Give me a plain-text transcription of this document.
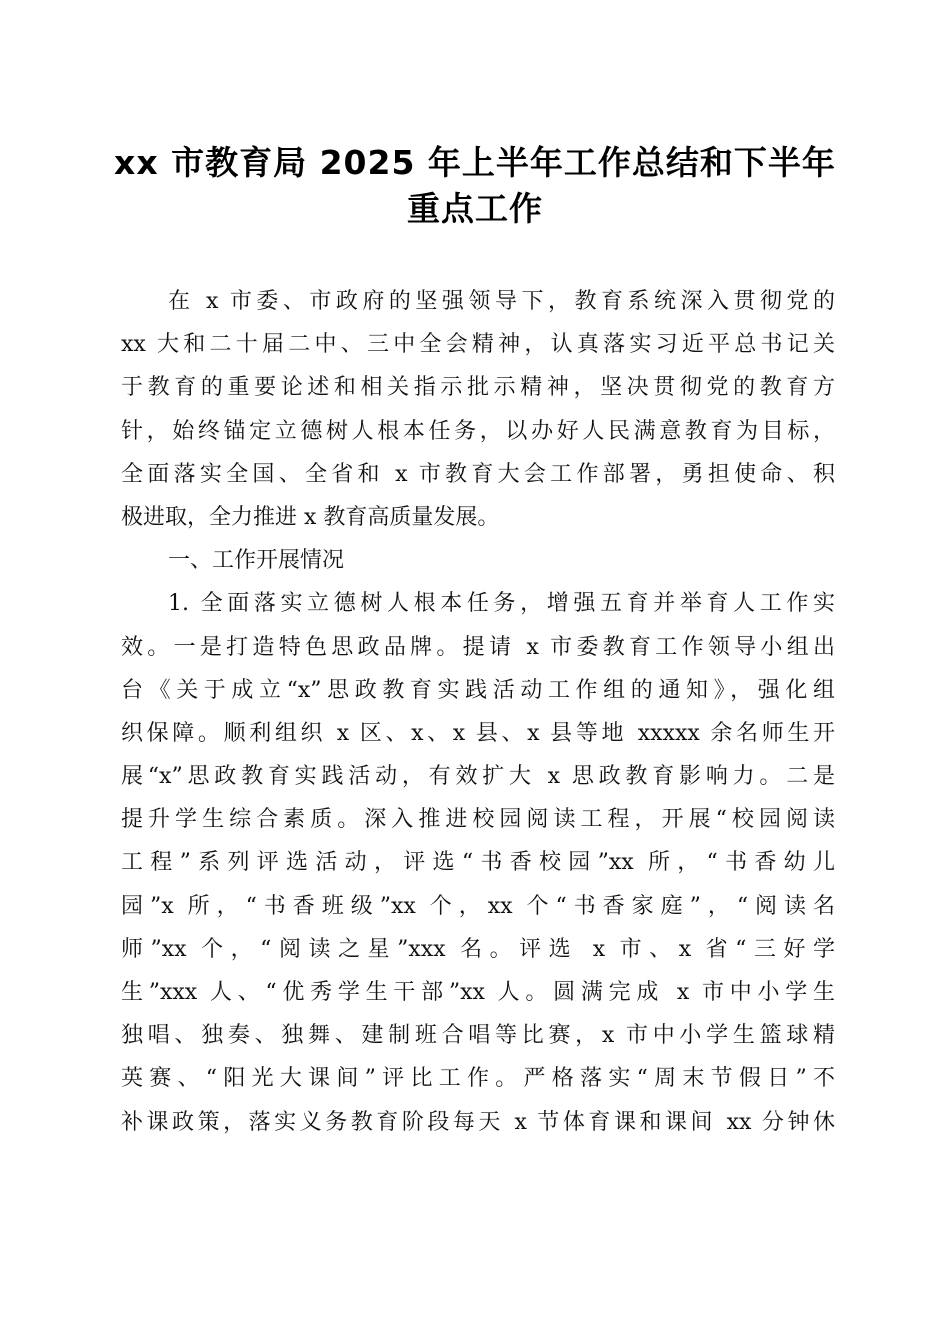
xx 市教育局 2025 年上半年工作总结和下半年
重点工作
在 x 市委、市政府的坚强领导下，教育系统深入贯彻党的
xx 大和二十届二中、三中全会精神，认真落实习近平总书记关
于教育的重要论述和相关指示批示精神，坚决贯彻党的教育方
针，始终锚定立德树人根本任务，以办好人民满意教育为目标，
全面落实全国、全省和 x 市教育大会工作部署，勇担使命、积
极进取，全力推进 x 教育高质量发展。
一、工作开展情况
1. 全面落实立德树人根本任务，增强五育并举育人工作实
效。一是打造特色思政品牌。提请 x 市委教育工作领导小组出
台《关于成立“x”思政教育实践活动工作组的通知》，强化组
织保障。顺利组织 x 区、x、x 县、x 县等地 xxxxx 余名师生开
展“x”思政教育实践活动，有效扩大 x 思政教育影响力。二是
提升学生综合素质。深入推进校园阅读工程，开展“校园阅读
工程”系列评选活动，评选“书香校园”xx 所，“书香幼儿
园”x 所，“书香班级”xx 个，xx 个“书香家庭”，“阅读名
师”xx 个，“阅读之星”xxx 名。评选 x 市、x 省“三好学
生”xxx 人、“优秀学生干部”xx 人。圆满完成 x 市中小学生
独唱、独奏、独舞、建制班合唱等比赛，x 市中小学生篮球精
英赛、“阳光大课间”评比工作。严格落实“周末节假日”不
补课政策，落实义务教育阶段每天 x 节体育课和课间 xx 分钟休
